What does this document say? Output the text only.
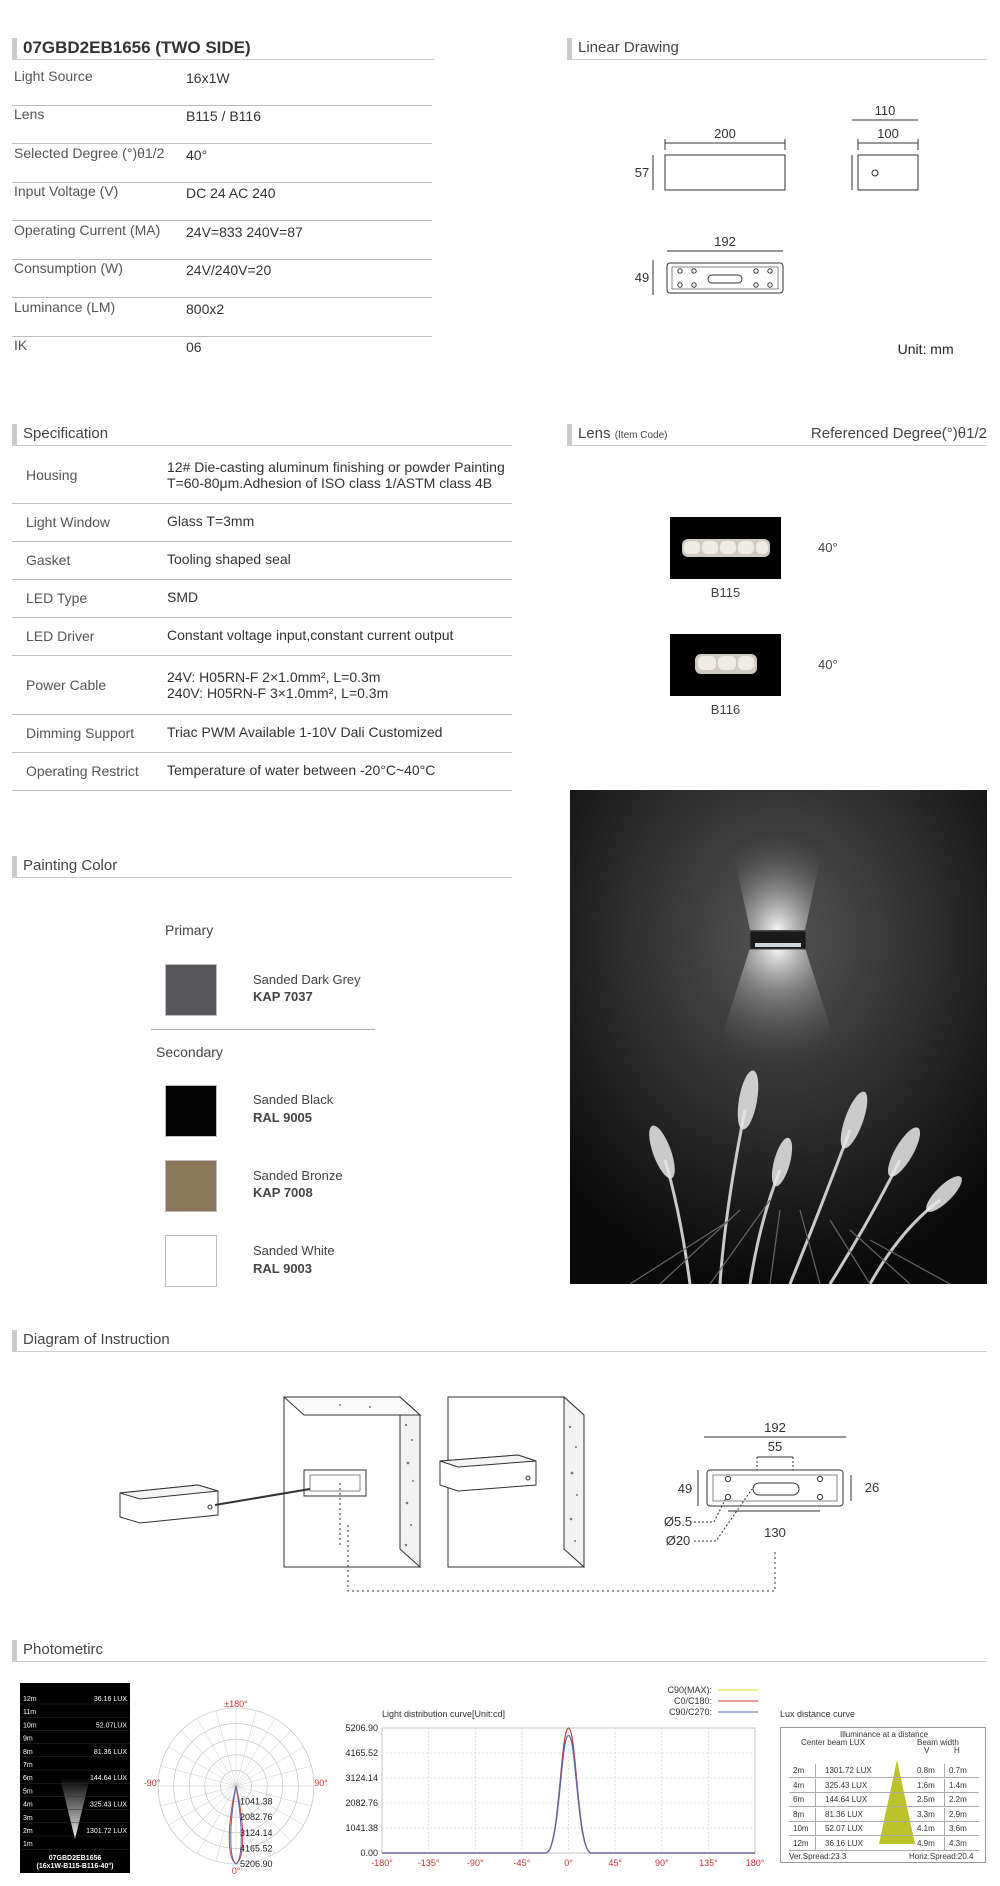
07GBD2EB1656 (TWO SIDE)
Light Source	16x1W
Lens	B115 / B116
Selected Degree (°)θ1/2 40°
Input Voltage (V)	DC 24 AC 240
Operating Current (MA) 24V=833 240V=87
Consumption (W)	24V/240V=20
Luminance (LM)	800x2
IK	06
Linear Drawing
200
57
110
100
192
49
Unit: mm
Specification
Housing	12# Die-casting aluminum finishing or powder Painting
T=60-80μm.Adhesion of ISO class 1/ASTM class 4B
Light Window	Glass T=3mm
Gasket	Tooling shaped seal
LED Type	SMD
LED Driver	Constant voltage input,constant current output
Power Cable	24V: H05RN-F 2×1.0mm², L=0.3m
240V: H05RN-F 3×1.0mm², L=0.3m
Dimming Support Triac PWM Available 1-10V Dali Customized
Operating Restrict Temperature of water between -20°C~40°C
Lens (Item Code)	Referenced Degree(°)θ1/2
B115
40°
B116
40°
Painting Color
Primary
Sanded Dark Grey
KAP 7037
Secondary
Sanded Black
RAL 9005
Sanded Bronze
KAP 7008
Sanded White
RAL 9003
Diagram of Instruction
192
55
49	26
Ø5.5
Ø20
130
Photometirc
12m
11m
10m
9m
8m
7m
6m
5m
4m
3m
2m
1m
36.16 LUX
52.07LUX
81.36 LUX
144.64 LUX
325.43 LUX
1301.72 LUX
07GBD2EB1656
(16x1W-B115-B116-40°)
±180°
-90°	90°
0°
1041.38
2082.76
3124.14
4165.52
5206.90
C90(MAX):
C0/C180:
C90/C270:
Light distribution curve[Unit:cd]
5206.90
4165.52
3124.14
2082.76
1041.38
0.00
-180°	-135°	-90°	-45°	0°	45°	90°	135°	180°
Lux distance curve
Illuminance at a distance
Center beam LUX	Beam width
V	H
2m	1301.72 LUX	0.8m 0.7m
4m	325.43 LUX	1.6m 1.4m
6m	144.64 LUX	2.5m 2.2m
8m	81.36 LUX	3.3m 2.9m
10m 52.07 LUX	4.1m 3.6m
12m 36.16 LUX	4.9m 4.3m
Ver.Spread:23.3	Horiz.Spread:20.4
